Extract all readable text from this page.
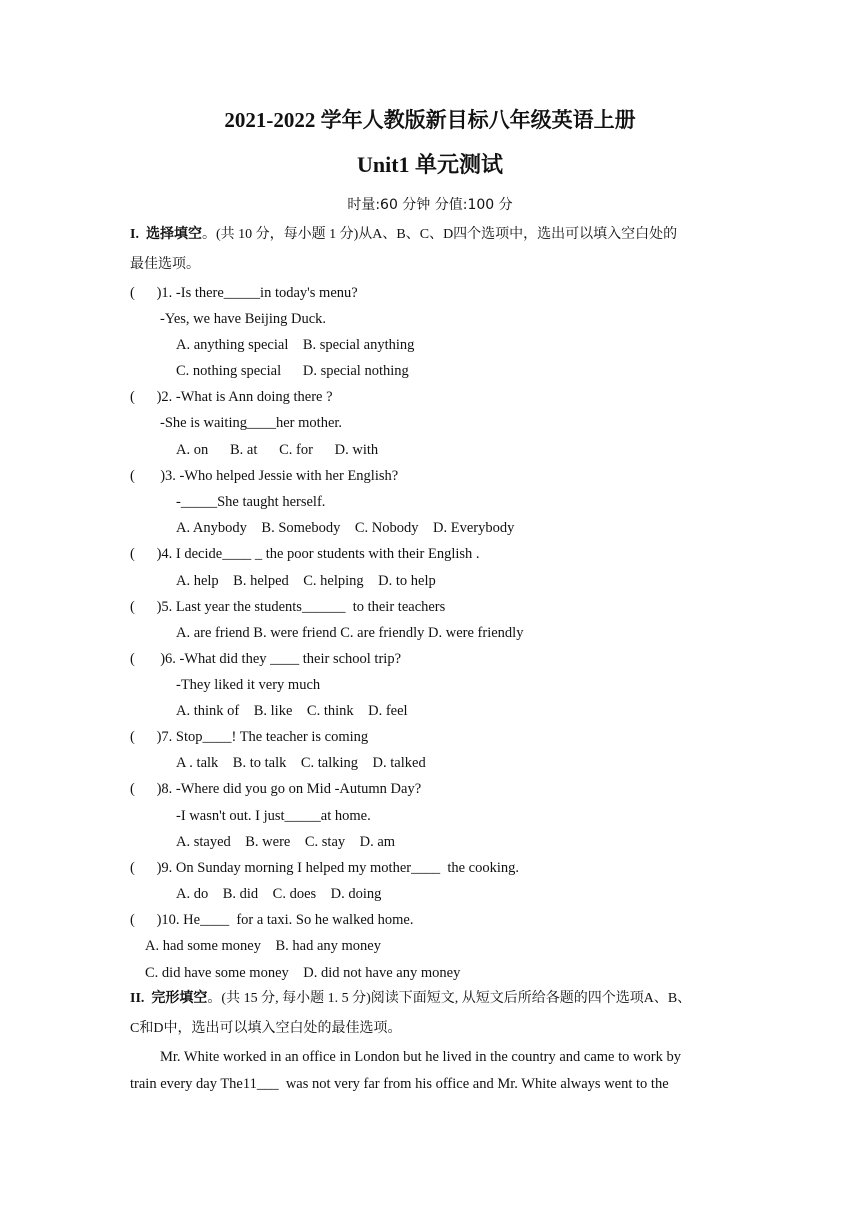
2021-2022 学年人教版新目标八年级英语上册
Unit1 单元测试
时量:60 分钟 分值:100 分
I.  选择填空。(共 10 分，每小题 1 分)从A、B、C、D四个选项中，选出可以填入空白处的
最佳选项。
(      )1. -Is there_____in today's menu?
-Yes, we have Beijing Duck.
A. anything special    B. special anything
C. nothing special      D. special nothing
(      )2. -What is Ann doing there ?
-She is waiting____her mother.
A. on      B. at      C. for      D. with
(       )3. -Who helped Jessie with her English?
-_____She taught herself.
A. Anybody    B. Somebody    C. Nobody    D. Everybody
(      )4. I decide____ _ the poor students with their English .
A. help    B. helped    C. helping    D. to help
(      )5. Last year the students______  to their teachers
A. are friend B. were friend C. are friendly D. were friendly
(       )6. -What did they ____ their school trip?
-They liked it very much
A. think of    B. like    C. think    D. feel
(      )7. Stop____! The teacher is coming
A . talk    B. to talk    C. talking    D. talked
(      )8. -Where did you go on Mid -Autumn Day?
-I wasn't out. I just_____at home.
A. stayed    B. were    C. stay    D. am
(      )9. On Sunday morning I helped my mother____  the cooking.
A. do    B. did    C. does    D. doing
(      )10. He____  for a taxi. So he walked home.
A. had some money    B. had any money
C. did have some money    D. did not have any money
II.  完形填空。(共 15 分, 每小题 1. 5 分)阅读下面短文, 从短文后所给各题的四个选项A、B、
C和D中，选出可以填入空白处的最佳选项。
Mr. White worked in an office in London but he lived in the country and came to work by
train every day The11___  was not very far from his office and Mr. White always went to the
